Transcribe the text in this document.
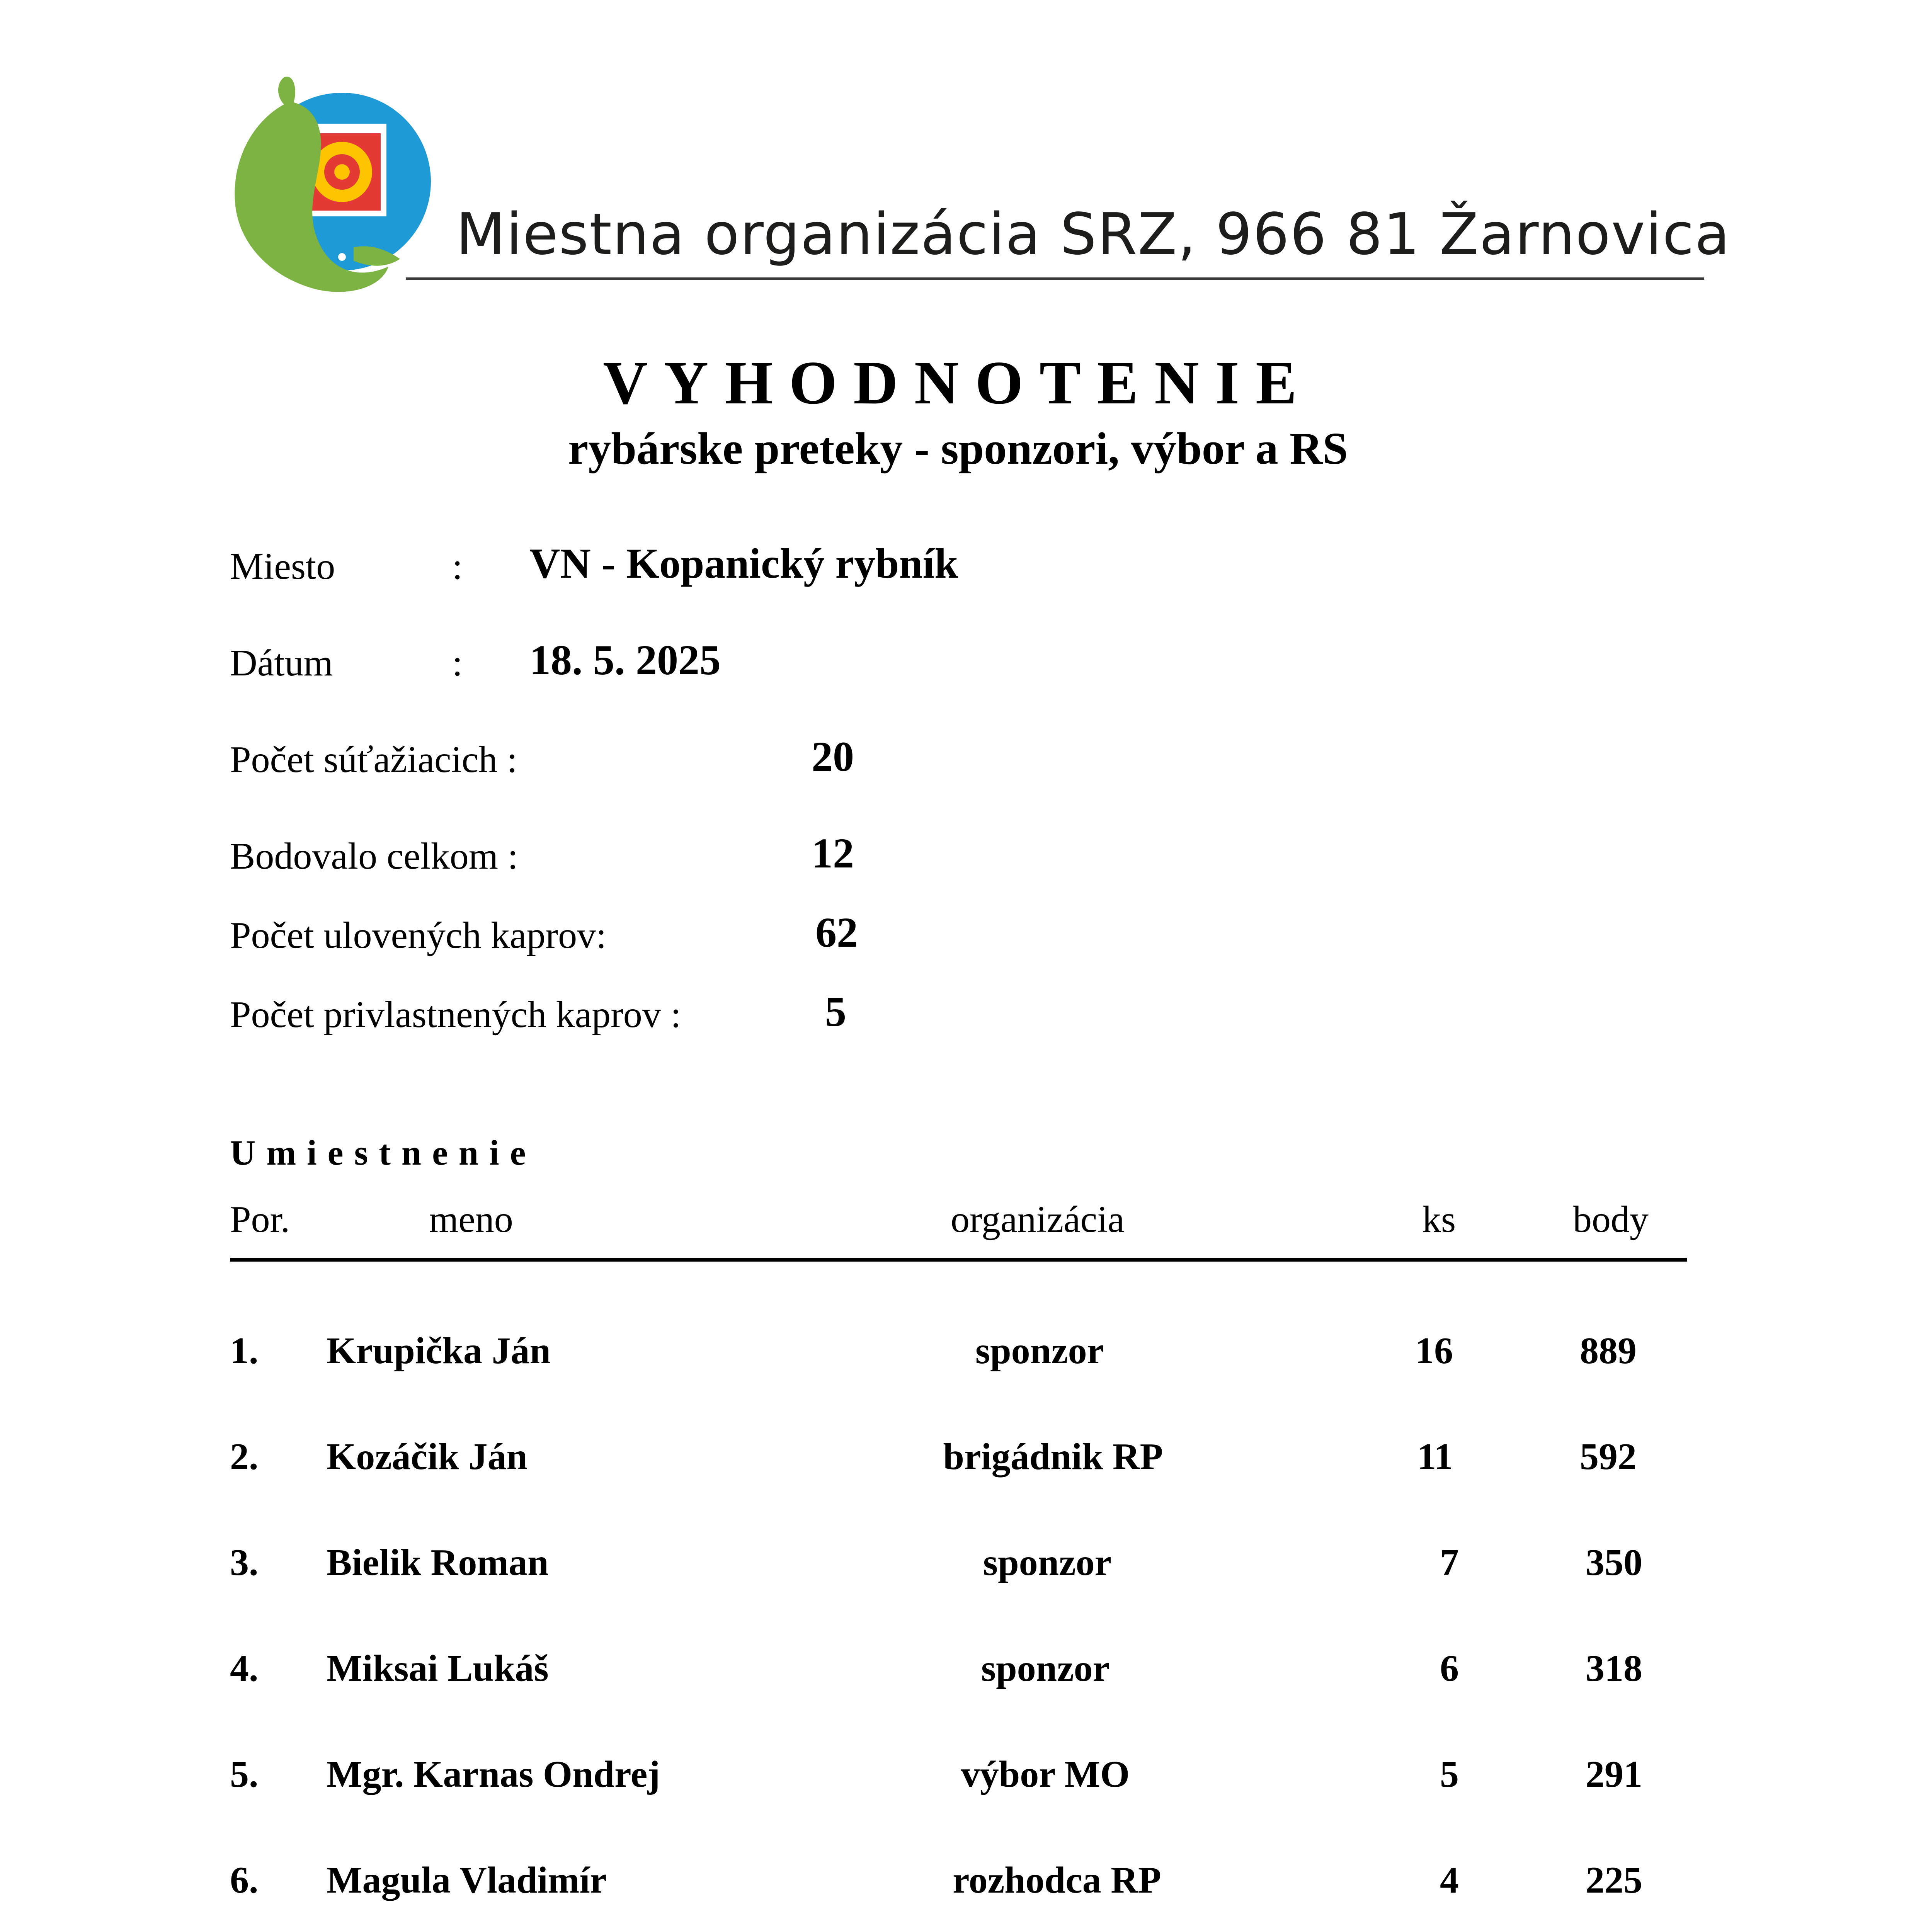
Miestna organizácia SRZ, 966 81 Žarnovica
VYHODNOTENIE
rybárske preteky - sponzori, výbor a RS
Miesto	: VN - Kopanický rybník
Dátum	: 18. 5. 2025
Počet súťažiacich :	20
Bodovalo celkom :	12
Počet ulovených kaprov:	62
Počet privlastnených kaprov :	5
Umiestnenie
Por.	meno	organizácia	ks	body
1. Krupička Ján	sponzor	16	889
2. Kozáčik Ján	brigádnik RP	11	592
3. Bielik Roman	sponzor	7	350
4. Miksai Lukáš	sponzor	6	318
5. Mgr. Karnas Ondrej	výbor MO	5	291
6. Magula Vladimír	rozhodca RP	4	225
